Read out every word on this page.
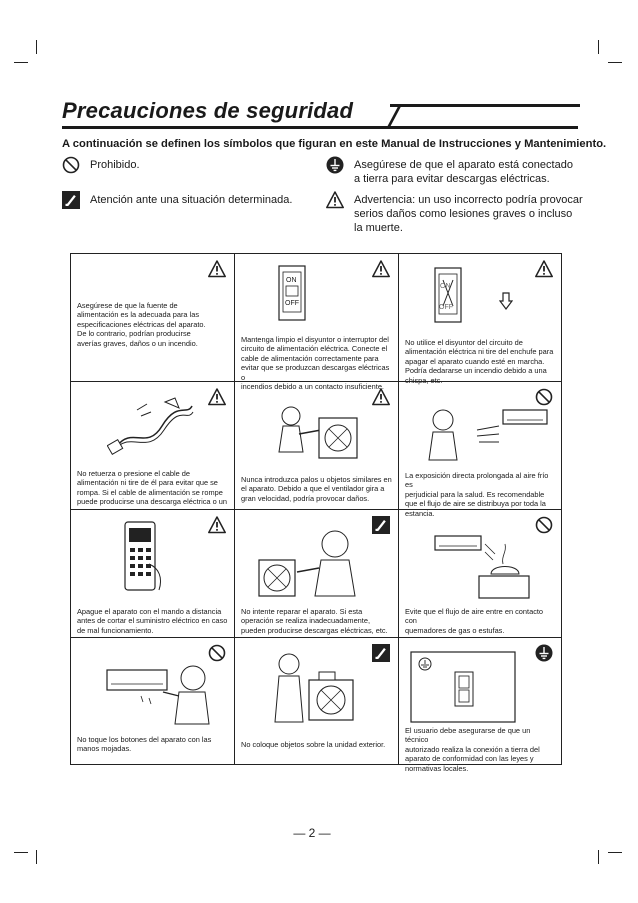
Precauciones de seguridad
A continuación se definen los símbolos que figuran en este Manual de Instrucciones y Mantenimiento.
Prohibido.	Asegúrese de que el aparato está conectado
a tierra para evitar descargas eléctricas.
Atención ante una situación determinada.	Advertencia: un uso incorrecto podría provocar
serios daños como lesiones graves o incluso
la muerte.
Asegúrese de que la fuente de
alimentación es la adecuada para las
especificaciones eléctricas del aparato.
De lo contrario, podrían producirse
averías graves, daños o un incendio.
ON
OFF
Mantenga limpio el disyuntor o interruptor del
circuito de alimentación eléctrica. Conecte el
cable de alimentación correctamente para
evitar que se produzcan descargas eléctricas o
incendios debido a un contacto insuficiente.
ON
OFF
No utilice el disyuntor del circuito de
alimentación eléctrica ni tire del enchufe para
apagar el aparato cuando esté en marcha.
Podría dedararse un incendio debido a una
chispa, etc.
No retuerza o presione el cable de
alimentación ni tire de él para evitar que se
rompa. Si el cable de alimentación se rompe
puede producirse una descarga eléctrica o un
Nunca introduzca palos u objetos similares en
el aparato. Debido a que el ventilador gira a
gran velocidad, podría provocar daños.
La exposición directa prolongada al aire frío es
perjudicial para la salud. Es recomendable
que el flujo de aire se distribuya por toda la
estancia.
Apague el aparato con el mando a distancia
antes de cortar el suministro eléctrico en caso
de mal funcionamiento.
No intente reparar el aparato. Si esta
operación se realiza inadecuadamente,
pueden producirse descargas eléctricas, etc.
Evite que el flujo de aire entre en contacto con
quemadores de gas o estufas.
No toque los botones del aparato con las
manos mojadas.	No coloque objetos sobre la unidad exterior.
El usuario debe asegurarse de que un técnico
autorizado realiza la conexión a tierra del
aparato de conformidad con las leyes y
normativas locales.
— 2 —
